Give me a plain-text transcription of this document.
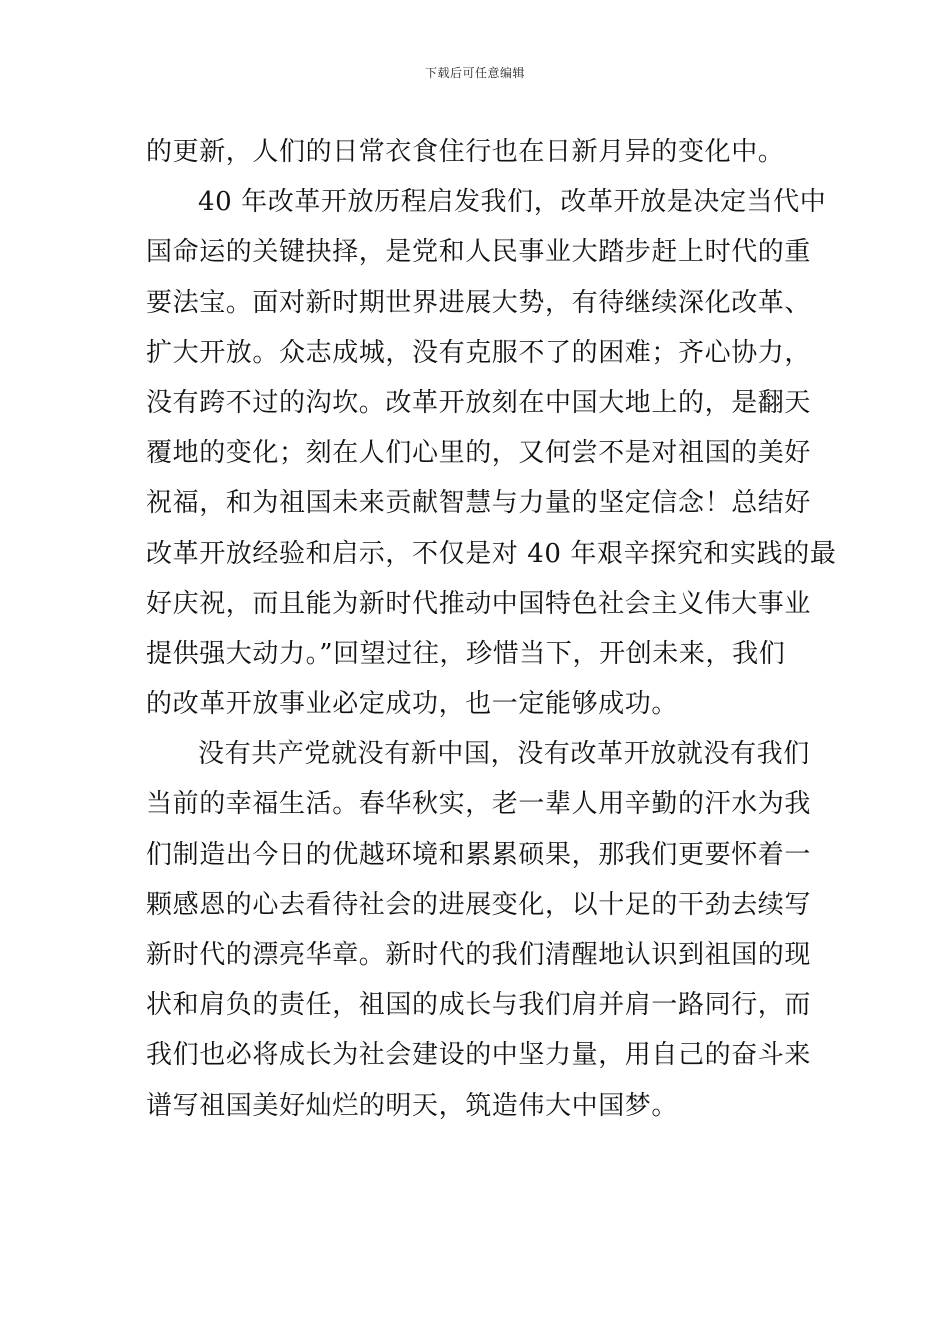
下载后可任意编辑
的更新，人们的日常衣食住行也在日新月异的变化中。
40 年改革开放历程启发我们，改革开放是决定当代中
国命运的关键抉择，是党和人民事业大踏步赶上时代的重
要法宝。面对新时期世界进展大势，有待继续深化改革、
扩大开放。众志成城，没有克服不了的困难；齐心协力，
没有跨不过的沟坎。改革开放刻在中国大地上的，是翻天
覆地的变化；刻在人们心里的，又何尝不是对祖国的美好
祝福，和为祖国未来贡献智慧与力量的坚定信念！总结好
改革开放经验和启示，不仅是对 40 年艰辛探究和实践的最
好庆祝，而且能为新时代推动中国特色社会主义伟大事业
提供强大动力。”回望过往，珍惜当下，开创未来，我们
的改革开放事业必定成功，也一定能够成功。
没有共产党就没有新中国，没有改革开放就没有我们
当前的幸福生活。春华秋实，老一辈人用辛勤的汗水为我
们制造出今日的优越环境和累累硕果，那我们更要怀着一
颗感恩的心去看待社会的进展变化，以十足的干劲去续写
新时代的漂亮华章。新时代的我们清醒地认识到祖国的现
状和肩负的责任，祖国的成长与我们肩并肩一路同行，而
我们也必将成长为社会建设的中坚力量，用自己的奋斗来
谱写祖国美好灿烂的明天，筑造伟大中国梦。
